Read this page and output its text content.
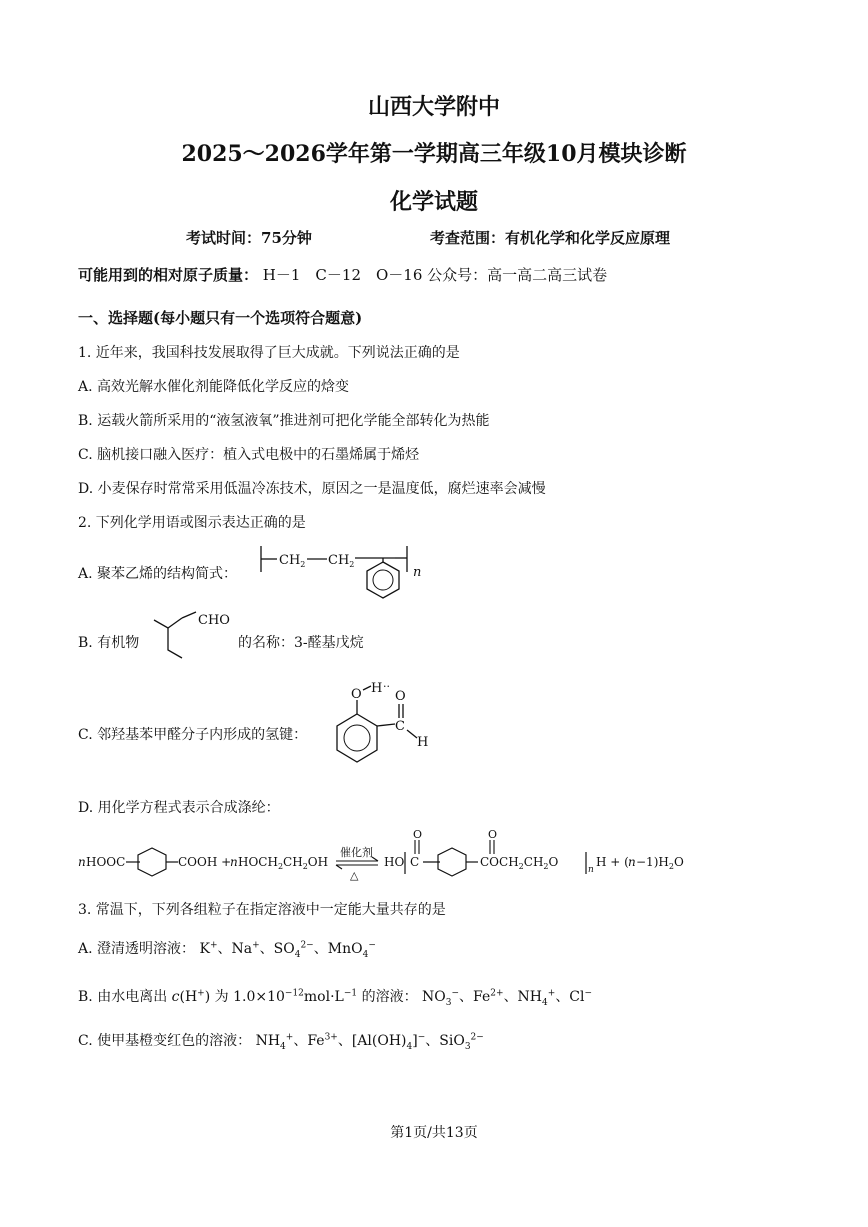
山西大学附中
2025～2026学年第一学期高三年级10月模块诊断
化学试题
考试时间：75分钟	考查范围：有机化学和化学反应原理
可能用到的相对原子质量： H－1　C－12　O－16 公众号：高一高二高三试卷
一、选择题(每小题只有一个选项符合题意)
1. 近年来，我国科技发展取得了巨大成就。下列说法正确的是
A. 高效光解水催化剂能降低化学反应的焓变
B. 运载火箭所采用的“液氢液氧”推进剂可把化学能全部转化为热能
C. 脑机接口融入医疗：植入式电极中的石墨烯属于烯烃
D. 小麦保存时常常采用低温冷冻技术，原因之一是温度低，腐烂速率会减慢
2. 下列化学用语或图示表达正确的是
A. 聚苯乙烯的结构简式：
$CH_2$ $CH_2$
n
B. 有机物
CHO
的名称：3-醛基戊烷
C. 邻羟基苯甲醛分子内形成的氢键：
O H ··
O
C
H
D. 用化学方程式表示合成涤纶：
n HOOC	COOH +
n $HOCH_2CH_2OH$
催化剂
△
HO C
O	O
$COCH_2CH_2O$
n
H + ( $n -1)H_2O$
3. 常温下，下列各组粒子在指定溶液中一定能大量共存的是
A. 澄清透明溶液： K+、Na+、$SO_4^{2-}$、MnO$_4$−
B. 由水电离出 c(H+) 为 $1.0\times 10^{-12}mol\cdot L^{-1}$ 的溶液： $NO_3^-$、$Fe^{2+}$、$NH_4^+$、Cl−
C. 使甲基橙变红色的溶液： $NH_4^+$、$Fe^{3+}$、$[Al(OH)_4]^-$、SiO$_3^{2-}$
第1页/共13页
